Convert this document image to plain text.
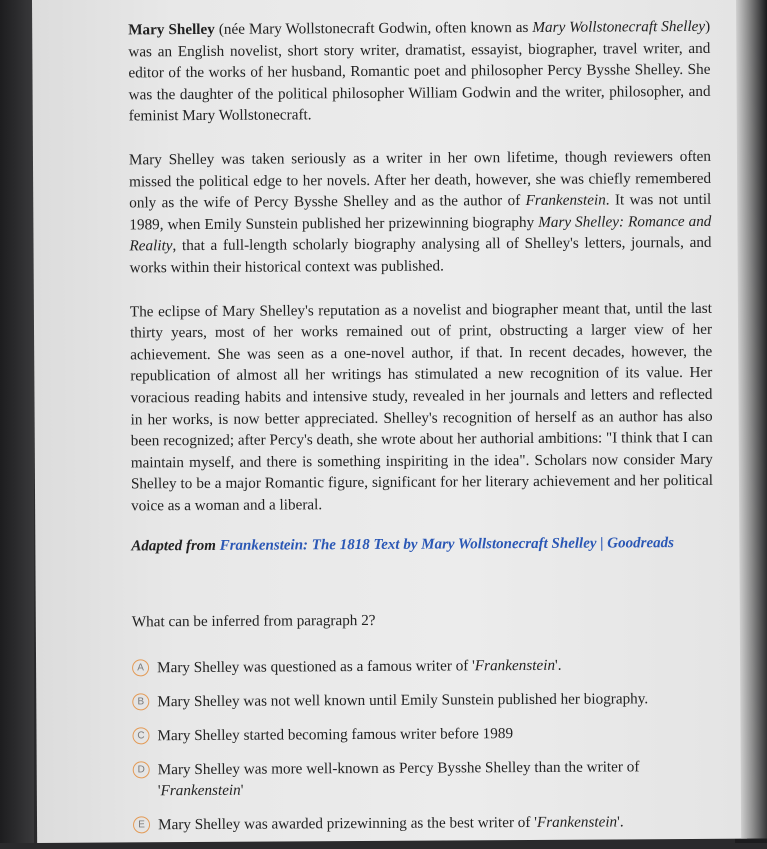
Mary Shelley (née Mary Wollstonecraft Godwin, often known as Mary Wollstonecraft Shelley) was an English novelist, short story writer, dramatist, essayist, biographer, travel writer, and editor of the works of her husband, Romantic poet and philosopher Percy Bysshe Shelley. She was the daughter of the political philosopher William Godwin and the writer, philosopher, and feminist Mary Wollstonecraft.

Mary Shelley was taken seriously as a writer in her own lifetime, though reviewers often missed the political edge to her novels. After her death, however, she was chiefly remembered only as the wife of Percy Bysshe Shelley and as the author of Frankenstein. It was not until 1989, when Emily Sunstein published her prizewinning biography Mary Shelley: Romance and Reality, that a full-length scholarly biography analysing all of Shelley's letters, journals, and works within their historical context was published.

The eclipse of Mary Shelley's reputation as a novelist and biographer meant that, until the last thirty years, most of her works remained out of print, obstructing a larger view of her achievement. She was seen as a one-novel author, if that. In recent decades, however, the republication of almost all her writings has stimulated a new recognition of its value. Her voracious reading habits and intensive study, revealed in her journals and letters and reflected in her works, is now better appreciated. Shelley's recognition of herself as an author has also been recognized; after Percy's death, she wrote about her authorial ambitions: "I think that I can maintain myself, and there is something inspiriting in the idea". Scholars now consider Mary Shelley to be a major Romantic figure, significant for her literary achievement and her political voice as a woman and a liberal.

Adapted from Frankenstein: The 1818 Text by Mary Wollstonecraft Shelley | Goodreads

What can be inferred from paragraph 2?

A Mary Shelley was questioned as a famous writer of 'Frankenstein'.
B Mary Shelley was not well known until Emily Sunstein published her biography.
C Mary Shelley started becoming famous writer before 1989
D Mary Shelley was more well-known as Percy Bysshe Shelley than the writer of 'Frankenstein'
E Mary Shelley was awarded prizewinning as the best writer of 'Frankenstein'.
